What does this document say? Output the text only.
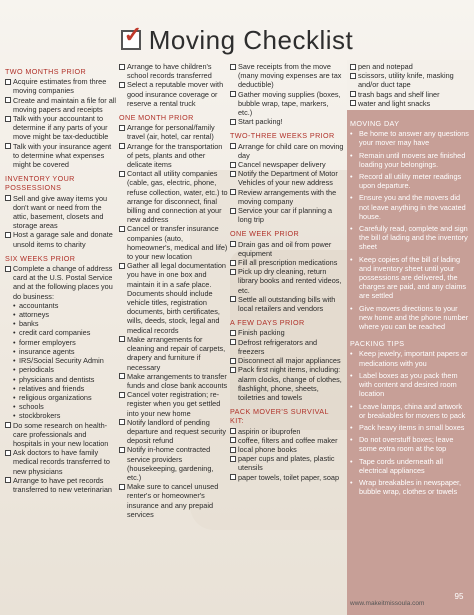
✓ Moving Checklist
TWO MONTHS PRIOR
Acquire estimates from three moving companies
Create and maintain a file for all moving papers and receipts
Talk with your accountant to determine if any parts of your move might be tax-deductible
Talk with your insurance agent to determine what expenses might be covered
INVENTORY YOUR POSSESSIONS
Sell and give away items you don't want or need from the attic, basement, closets and storage areas
Host a garage sale and donate unsold items to charity
SIX WEEKS PRIOR
Complete a change of address card at the U.S. Postal Service and at the following places you do business:
• accountants
• attorneys
• banks
• credit card companies
• former employers
• insurance agents
• IRS/Social Security Admin
• periodicals
• physicians and dentists
• relatives and friends
• religious organizations
• schools
• stockbrokers
Do some research on health-care professionals and hospitals in your new location
Ask doctors to have family medical records transferred to new physicians
Arrange to have pet records transferred to new veterinarian
Arrange to have children's school records transferred
Select a reputable mover with good insurance coverage or reserve a rental truck
ONE MONTH PRIOR
Arrange for personal/family travel (air, hotel, car rental)
Arrange for the transportation of pets, plants and other delicate items
Contact all utility companies (cable, gas, electric, phone, refuse collection, water, etc.) to arrange for disconnect, final billing and connection at your new address
Cancel or transfer insurance companies (auto, homeowner's, medical and life) to your new location
Gather all legal documentation you have in one box and maintain it in a safe place. Documents should include vehicle titles, registration documents, birth certificates, wills, deeds, stock, legal and medical records
Make arrangements for cleaning and repair of carpets, drapery and furniture if necessary
Make arrangements to transfer funds and close bank accounts
Cancel voter registration; re-register when you get settled into your new home
Notify landlord of pending departure and request security deposit refund
Notify in-home contracted service providers (housekeeping, gardening, etc.)
Make sure to cancel unused renter's or homeowner's insurance and any prepaid services
Save receipts from the move (many moving expenses are tax deductible)
Gather moving supplies (boxes, bubble wrap, tape, markers, etc.)
Start packing!
TWO-THREE WEEKS PRIOR
Arrange for child care on moving day
Cancel newspaper delivery
Notify the Department of Motor Vehicles of your new address
Review arrangements with the moving company
Service your car if planning a long trip
ONE WEEK PRIOR
Drain gas and oil from power equipment
Fill all prescription medications
Pick up dry cleaning, return library books and rented videos, etc.
Settle all outstanding bills with local retailers and vendors
A FEW DAYS PRIOR
Finish packing
Defrost refrigerators and freezers
Disconnect all major appliances
Pack first night items, including: alarm clocks, change of clothes, flashlight, phone, sheets, toiletries and towels
PACK MOVER'S SURVIVAL KIT:
aspirin or ibuprofen
coffee, filters and coffee maker
local phone books
paper cups and plates, plastic utensils
paper towels, toilet paper, soap
pen and notepad
scissors, utility knife, masking and/or duct tape
trash bags and shelf liner
water and light snacks
MOVING DAY
• Be home to answer any questions your mover may have
• Remain until movers are finished loading your belongings.
• Record all utility meter readings upon departure.
• Ensure you and the movers did not leave anything in the vacated house.
• Carefully read, complete and sign the bill of lading and the inventory sheet
• Keep copies of the bill of lading and inventory sheet until your possessions are delivered, the charges are paid, and any claims are settled
• Give movers directions to your new home and the phone number where you can be reached
PACKING TIPS
• Keep jewelry, important papers or medications with you
• Label boxes as you pack them with content and desired room location
• Leave lamps, china and artwork or breakables for movers to pack
• Pack heavy items in small boxes
• Do not overstuff boxes; leave some extra room at the top
• Tape cords underneath all electrical appliances
• Wrap breakables in newspaper, bubble wrap, clothes or towels
www.makeitmissoula.com
95
